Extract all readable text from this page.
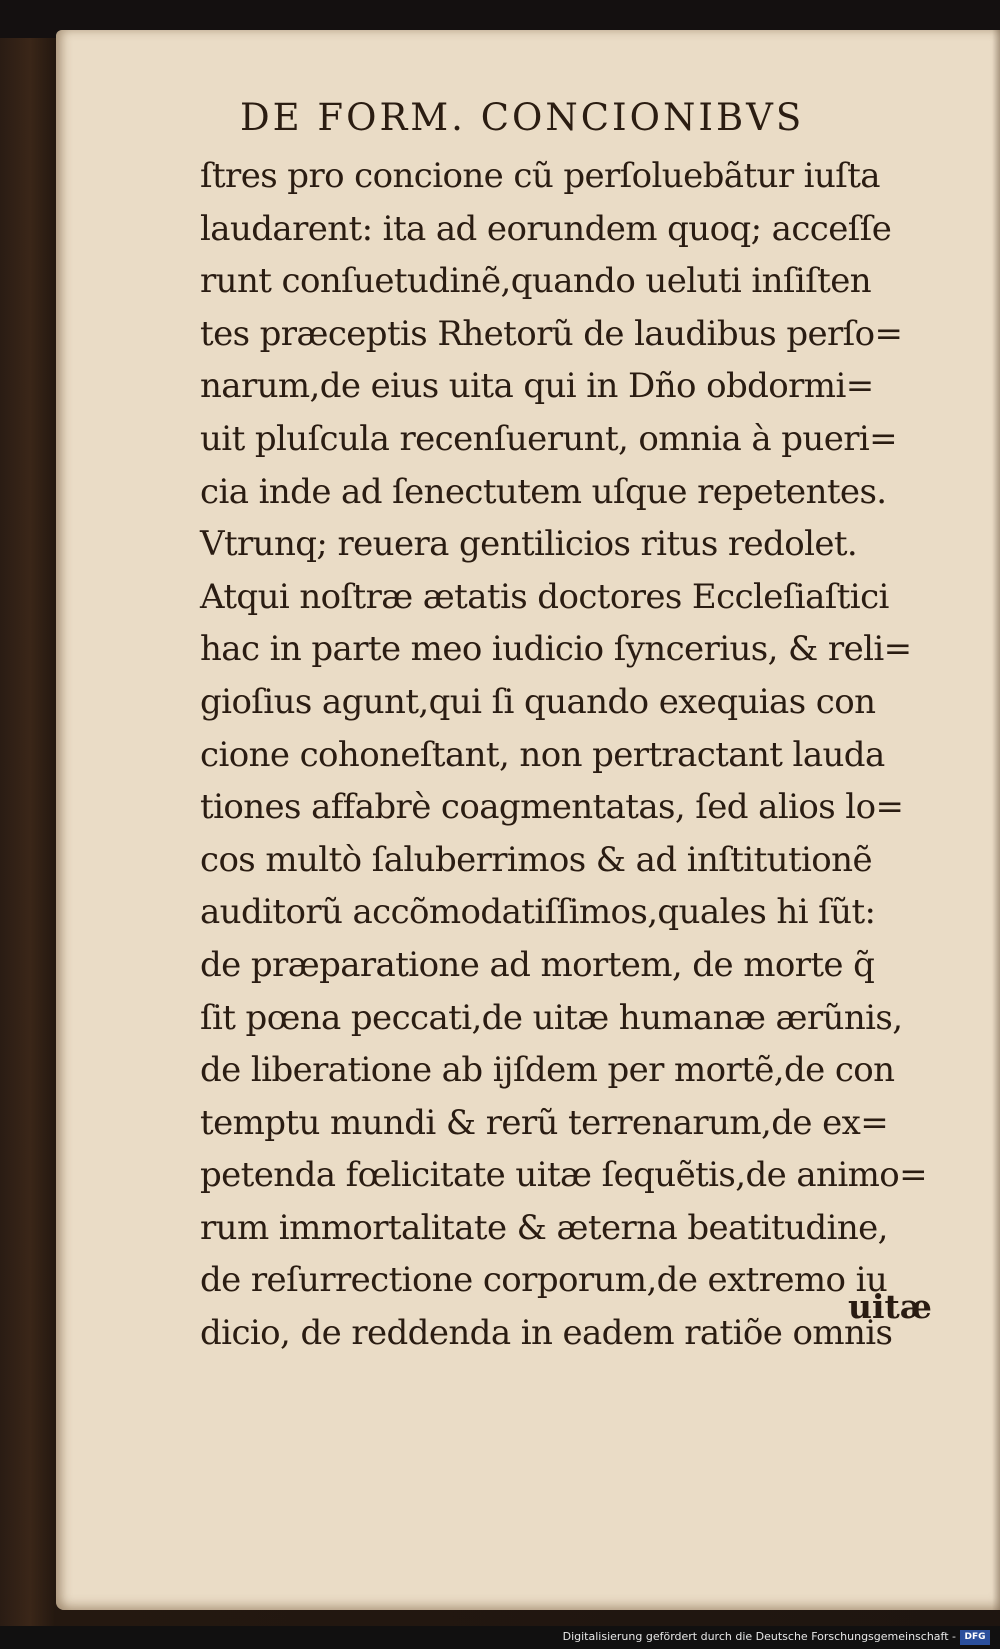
DE FORM. CONCIONIBVS
ſtres pro concione cũ perſoluebãtur iuſta
laudarent: ita ad eorundem quoq; acceſſe
runt conſuetudinẽ,quando ueluti inſiſten
tes præceptis Rhetorũ de laudibus perſo=
narum,de eius uita qui in Dño obdormi=
uit pluſcula recenſuerunt, omnia à pueri=
cia inde ad ſenectutem uſque repetentes.
Vtrunq; reuera gentilicios ritus redolet.
Atqui noſtræ ætatis doctores Eccleſiaſtici
hac in parte meo iudicio ſyncerius, & reli=
gioſius agunt,qui ſi quando exequias con
cione cohoneſtant, non pertractant lauda
tiones affabrè coagmentatas, ſed alios lo=
cos multò ſaluberrimos & ad inſtitutionẽ
auditorũ accõmodatiſſimos,quales hi ſũt:
de præparatione ad mortem, de morte q̃
ſit pœna peccati,de uitæ humanæ ærũnis,
de liberatione ab ijſdem per mortẽ,de con
temptu mundi & rerũ terrenarum,de ex=
petenda fœlicitate uitæ ſequẽtis,de animo=
rum immortalitate & æterna beatitudine,
de reſurrectione corporum,de extremo iu
dicio, de reddenda in eadem ratiõe omnis
uitæ
Digitalisierung gefördert durch die Deutsche Forschungsgemeinschaft - DFG
